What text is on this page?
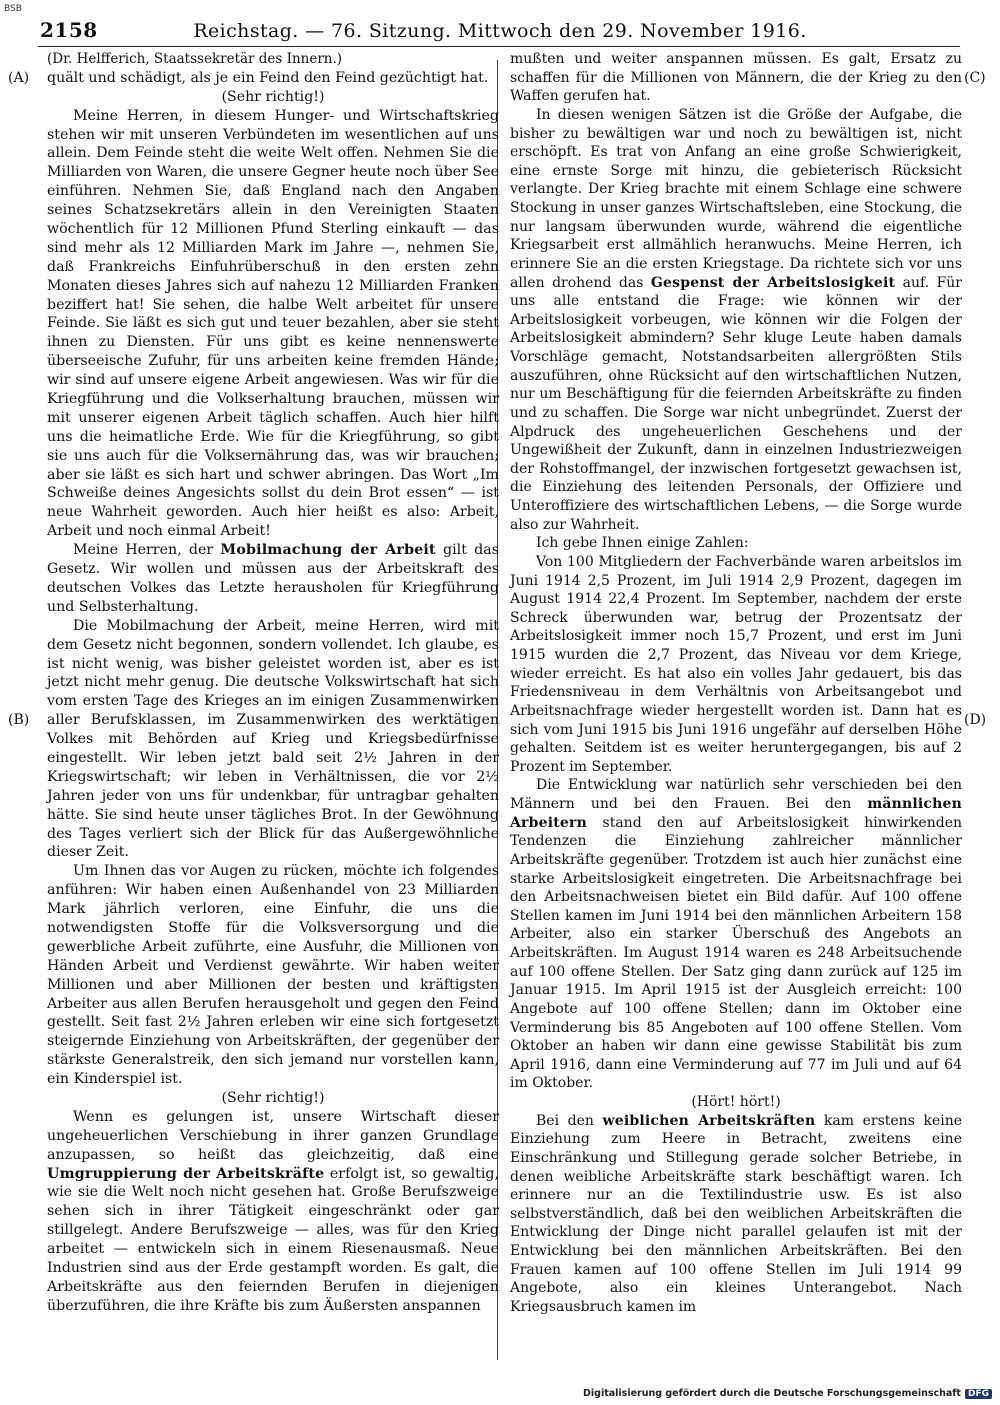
BSB
2158	Reichstag. — 76. Sitzung. Mittwoch den 29. November 1916.
(A)
(B)
(C)
(D)

(Dr. Helfferich, Staatssekretär des Innern.)

quält und schädigt, als je ein Feind den Feind gezüchtigt hat.

(Sehr richtig!)

Meine Herren, in diesem Hunger- und Wirtschaftskrieg stehen wir mit unseren Verbündeten im wesentlichen auf uns allein. Dem Feinde steht die weite Welt offen. Nehmen Sie die Milliarden von Waren, die unsere Gegner heute noch über See einführen. Nehmen Sie, daß England nach den Angaben seines Schatzsekretärs allein in den Vereinigten Staaten wöchentlich für 12 Millionen Pfund Sterling einkauft — das sind mehr als 12 Milliarden Mark im Jahre —, nehmen Sie, daß Frankreichs Einfuhrüberschuß in den ersten zehn Monaten dieses Jahres sich auf nahezu 12 Milliarden Franken beziffert hat! Sie sehen, die halbe Welt arbeitet für unsere Feinde. Sie läßt es sich gut und teuer bezahlen, aber sie steht ihnen zu Diensten. Für uns gibt es keine nennenswerte überseeische Zufuhr, für uns arbeiten keine fremden Hände; wir sind auf unsere eigene Arbeit angewiesen. Was wir für die Kriegführung und die Volkserhaltung brauchen, müssen wir mit unserer eigenen Arbeit täglich schaffen. Auch hier hilft uns die heimatliche Erde. Wie für die Kriegführung, so gibt sie uns auch für die Volksernährung das, was wir brauchen; aber sie läßt es sich hart und schwer abringen. Das Wort „Im Schweiße deines Angesichts sollst du dein Brot essen“ — ist neue Wahrheit geworden. Auch hier heißt es also: Arbeit, Arbeit und noch einmal Arbeit!

Meine Herren, der Mobilmachung der Arbeit gilt das Gesetz. Wir wollen und müssen aus der Arbeitskraft des deutschen Volkes das Letzte herausholen für Kriegführung und Selbsterhaltung.

Die Mobilmachung der Arbeit, meine Herren, wird mit dem Gesetz nicht begonnen, sondern vollendet. Ich glaube, es ist nicht wenig, was bisher geleistet worden ist, aber es ist jetzt nicht mehr genug. Die deutsche Volkswirtschaft hat sich vom ersten Tage des Krieges an im einigen Zusammenwirken aller Berufsklassen, im Zusammenwirken des werktätigen Volkes mit Behörden auf Krieg und Kriegsbedürfnisse eingestellt. Wir leben jetzt bald seit 2½ Jahren in der Kriegswirtschaft; wir leben in Verhältnissen, die vor 2½ Jahren jeder von uns für undenkbar, für untragbar gehalten hätte. Sie sind heute unser tägliches Brot. In der Gewöhnung des Tages verliert sich der Blick für das Außergewöhnliche dieser Zeit.

Um Ihnen das vor Augen zu rücken, möchte ich folgendes anführen: Wir haben einen Außenhandel von 23 Milliarden Mark jährlich verloren, eine Einfuhr, die uns die notwendigsten Stoffe für die Volksversorgung und die gewerbliche Arbeit zuführte, eine Ausfuhr, die Millionen von Händen Arbeit und Verdienst gewährte. Wir haben weiter Millionen und aber Millionen der besten und kräftigsten Arbeiter aus allen Berufen herausgeholt und gegen den Feind gestellt. Seit fast 2½ Jahren erleben wir eine sich fortgesetzt steigernde Einziehung von Arbeitskräften, der gegenüber der stärkste Generalstreik, den sich jemand nur vorstellen kann, ein Kinderspiel ist.

(Sehr richtig!)

Wenn es gelungen ist, unsere Wirtschaft dieser ungeheuerlichen Verschiebung in ihrer ganzen Grundlage anzupassen, so heißt das gleichzeitig, daß eine Umgruppierung der Arbeitskräfte erfolgt ist, so gewaltig, wie sie die Welt noch nicht gesehen hat. Große Berufszweige sehen sich in ihrer Tätigkeit eingeschränkt oder gar stillgelegt. Andere Berufszweige — alles, was für den Krieg arbeitet — entwickeln sich in einem Riesenausmaß. Neue Industrien sind aus der Erde gestampft worden. Es galt, die Arbeitskräfte aus den feiernden Berufen in diejenigen überzuführen, die ihre Kräfte bis zum Äußersten anspannen

mußten und weiter anspannen müssen. Es galt, Ersatz zu schaffen für die Millionen von Männern, die der Krieg zu den Waffen gerufen hat.

In diesen wenigen Sätzen ist die Größe der Aufgabe, die bisher zu bewältigen war und noch zu bewältigen ist, nicht erschöpft. Es trat von Anfang an eine große Schwierigkeit, eine ernste Sorge mit hinzu, die gebieterisch Rücksicht verlangte. Der Krieg brachte mit einem Schlage eine schwere Stockung in unser ganzes Wirtschaftsleben, eine Stockung, die nur langsam überwunden wurde, während die eigentliche Kriegsarbeit erst allmählich heranwuchs. Meine Herren, ich erinnere Sie an die ersten Kriegstage. Da richtete sich vor uns allen drohend das Gespenst der Arbeitslosigkeit auf. Für uns alle entstand die Frage: wie können wir der Arbeitslosigkeit vorbeugen, wie können wir die Folgen der Arbeitslosigkeit abmindern? Sehr kluge Leute haben damals Vorschläge gemacht, Notstandsarbeiten allergrößten Stils auszuführen, ohne Rücksicht auf den wirtschaftlichen Nutzen, nur um Beschäftigung für die feiernden Arbeitskräfte zu finden und zu schaffen. Die Sorge war nicht unbegründet. Zuerst der Alpdruck des ungeheuerlichen Geschehens und der Ungewißheit der Zukunft, dann in einzelnen Industriezweigen der Rohstoffmangel, der inzwischen fortgesetzt gewachsen ist, die Einziehung des leitenden Personals, der Offiziere und Unteroffiziere des wirtschaftlichen Lebens, — die Sorge wurde also zur Wahrheit.

Ich gebe Ihnen einige Zahlen:

Von 100 Mitgliedern der Fachverbände waren arbeitslos im Juni 1914 2,5 Prozent, im Juli 1914 2,9 Prozent, dagegen im August 1914 22,4 Prozent. Im September, nachdem der erste Schreck überwunden war, betrug der Prozentsatz der Arbeitslosigkeit immer noch 15,7 Prozent, und erst im Juni 1915 wurden die 2,7 Prozent, das Niveau vor dem Kriege, wieder erreicht. Es hat also ein volles Jahr gedauert, bis das Friedensniveau in dem Verhältnis von Arbeitsangebot und Arbeitsnachfrage wieder hergestellt worden ist. Dann hat es sich vom Juni 1915 bis Juni 1916 ungefähr auf derselben Höhe gehalten. Seitdem ist es weiter heruntergegangen, bis auf 2 Prozent im September.

Die Entwicklung war natürlich sehr verschieden bei den Männern und bei den Frauen. Bei den männlichen Arbeitern stand den auf Arbeitslosigkeit hinwirkenden Tendenzen die Einziehung zahlreicher männlicher Arbeitskräfte gegenüber. Trotzdem ist auch hier zunächst eine starke Arbeitslosigkeit eingetreten. Die Arbeitsnachfrage bei den Arbeitsnachweisen bietet ein Bild dafür. Auf 100 offene Stellen kamen im Juni 1914 bei den männlichen Arbeitern 158 Arbeiter, also ein starker Überschuß des Angebots an Arbeitskräften. Im August 1914 waren es 248 Arbeitsuchende auf 100 offene Stellen. Der Satz ging dann zurück auf 125 im Januar 1915. Im April 1915 ist der Ausgleich erreicht: 100 Angebote auf 100 offene Stellen; dann im Oktober eine Verminderung bis 85 Angeboten auf 100 offene Stellen. Vom Oktober an haben wir dann eine gewisse Stabilität bis zum April 1916, dann eine Verminderung auf 77 im Juli und auf 64 im Oktober.

(Hört! hört!)

Bei den weiblichen Arbeitskräften kam erstens keine Einziehung zum Heere in Betracht, zweitens eine Einschränkung und Stillegung gerade solcher Betriebe, in denen weibliche Arbeitskräfte stark beschäftigt waren. Ich erinnere nur an die Textilindustrie usw. Es ist also selbstverständlich, daß bei den weiblichen Arbeitskräften die Entwicklung der Dinge nicht parallel gelaufen ist mit der Entwicklung bei den männlichen Arbeitskräften. Bei den Frauen kamen auf 100 offene Stellen im Juli 1914 99 Angebote, also ein kleines Unterangebot. Nach Kriegsausbruch kamen im

Digitalisierung gefördert durch die Deutsche Forschungsgemeinschaft DFG
